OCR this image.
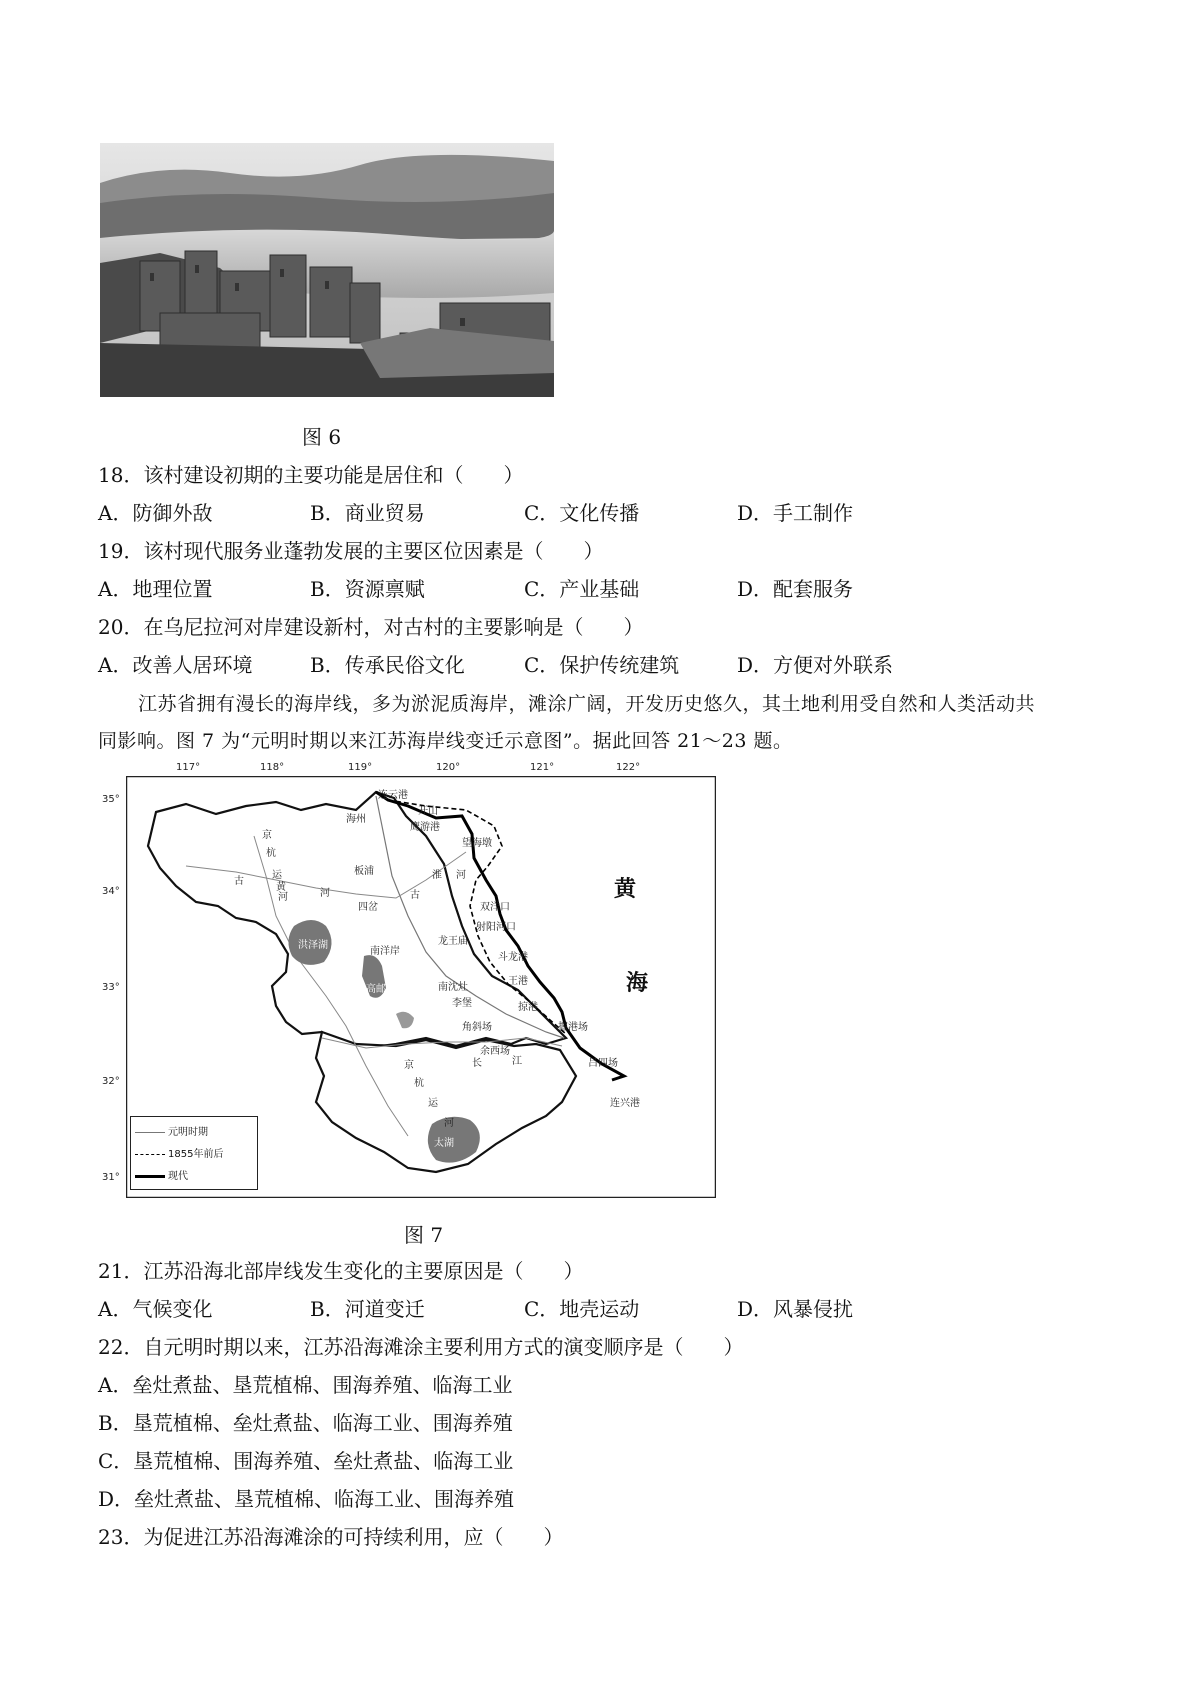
图 6
18．该村建设初期的主要功能是居住和（　　）
A．防御外敌	B．商业贸易	C．文化传播	D．手工制作
19．该村现代服务业蓬勃发展的主要区位因素是（　　）
A．地理位置	B．资源禀赋	C．产业基础	D．配套服务
20．在乌尼拉河对岸建设新村，对古村的主要影响是（　　）
A．改善人居环境	B．传承民俗文化	C．保护传统建筑	D．方便对外联系
江苏省拥有漫长的海岸线，多为淤泥质海岸，滩涂广阔，开发历史悠久，其土地利用受自然和人类活动共
同影响。图 7 为“元明时期以来江苏海岸线变迁示意图”。据此回答 21～23 题。
117°	118°	119°	120°	121°	122°
35°
34°
33°
32°
31°
黄
海
连云港
开山
鹰游港
望海墩
海州
板浦
双洋口
射阳河口
龙王庙
斗龙港
王港
掠港
掘港场
吕四场
连兴港
四岔
南洋岸
南沈灶
李堡
角斜场
余西场
洪泽湖
高邮湖
太湖
京
杭
运
河
古
黄
河	古
淮 河
京
杭
运
河
长	江
元明时期
1855年前后
现代
图 7
21．江苏沿海北部岸线发生变化的主要原因是（　　）
A．气候变化	B．河道变迁	C．地壳运动	D．风暴侵扰
22．自元明时期以来，江苏沿海滩涂主要利用方式的演变顺序是（　　）
A．垒灶煮盐、垦荒植棉、围海养殖、临海工业
B．垦荒植棉、垒灶煮盐、临海工业、围海养殖
C．垦荒植棉、围海养殖、垒灶煮盐、临海工业
D．垒灶煮盐、垦荒植棉、临海工业、围海养殖
23．为促进江苏沿海滩涂的可持续利用，应（　　）
